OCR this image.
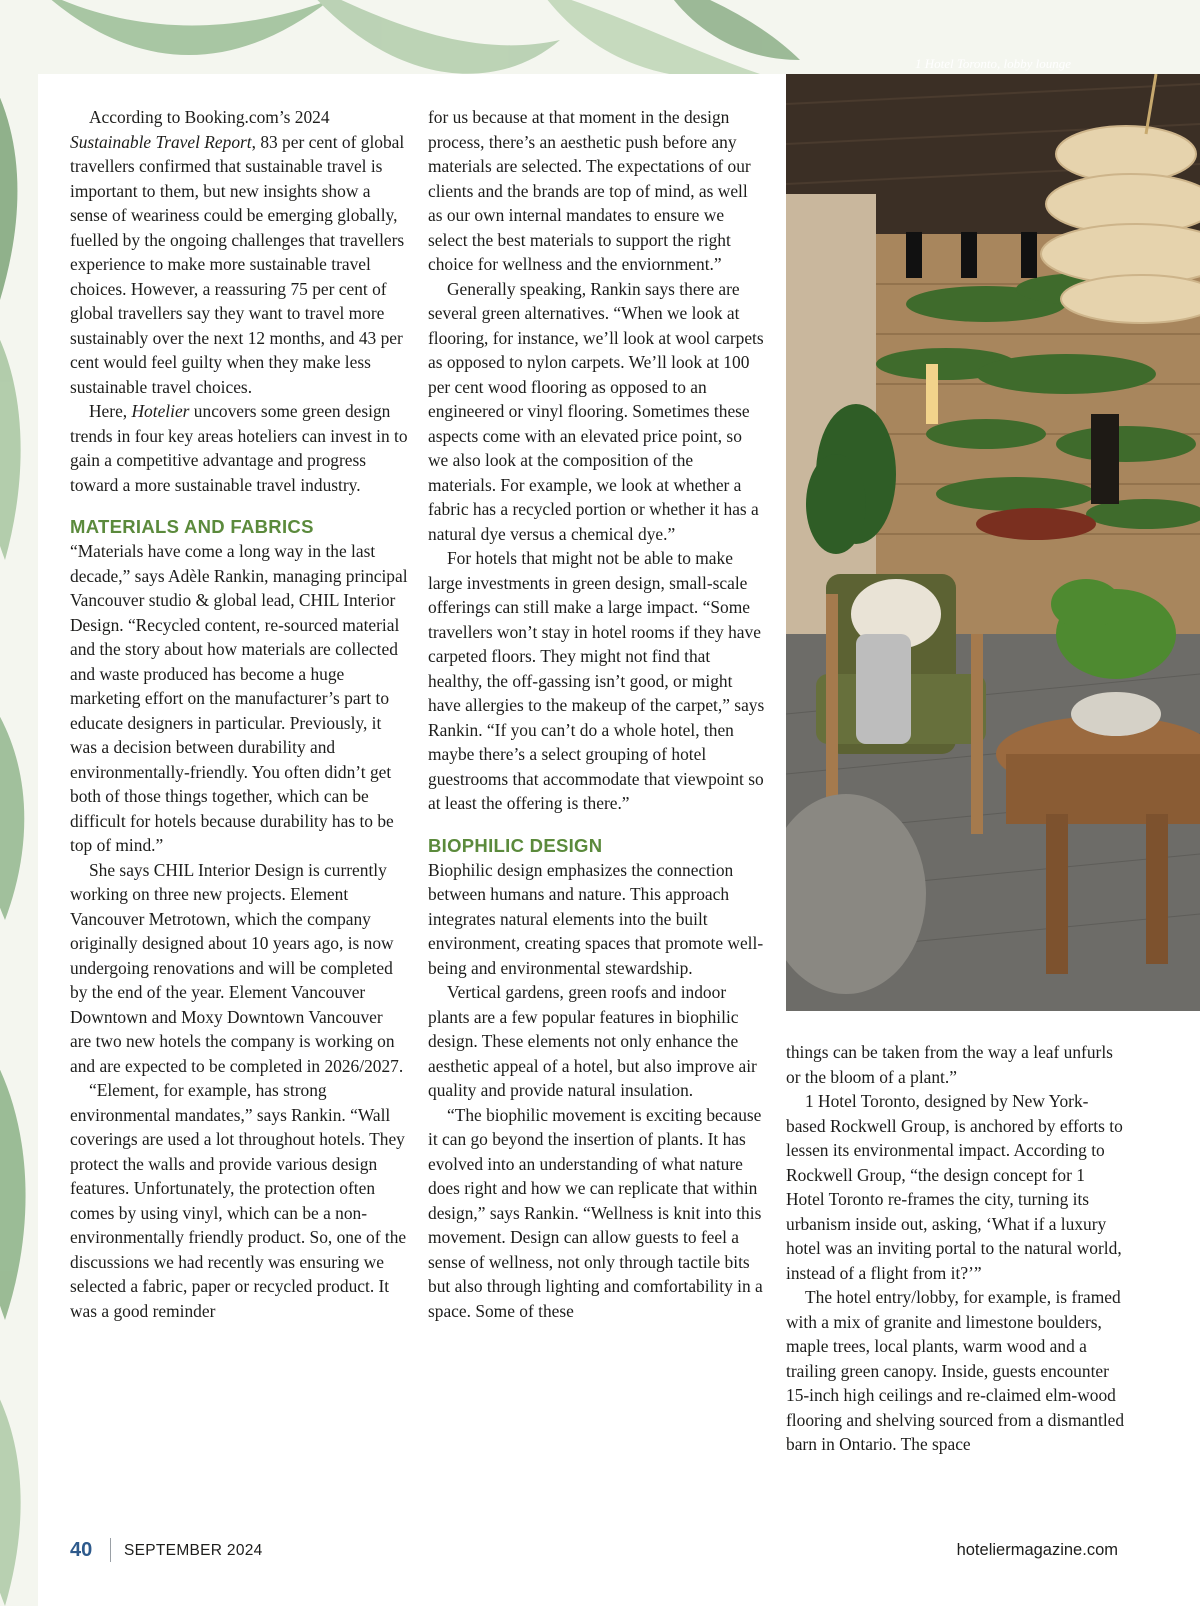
1 Hotel Toronto, lobby lounge

According to Booking.com’s 2024 Sustainable Travel Report, 83 per cent of global travellers confirmed that sustainable travel is important to them, but new insights show a sense of weariness could be emerging globally, fuelled by the ongoing challenges that travellers experience to make more sustainable travel choices. However, a reassuring 75 per cent of global travellers say they want to travel more sustainably over the next 12 months, and 43 per cent would feel guilty when they make less sustainable travel choices.

Here, Hotelier uncovers some green design trends in four key areas hoteliers can invest in to gain a competitive advantage and progress toward a more sustainable travel industry.

MATERIALS AND FABRICS

“Materials have come a long way in the last decade,” says Adèle Rankin, managing principal Vancouver studio & global lead, CHIL Interior Design. “Recycled content, re-sourced material and the story about how materials are collected and waste produced has become a huge marketing effort on the manufacturer’s part to educate designers in particular. Previously, it was a decision between durability and environmentally-friendly. You often didn’t get both of those things together, which can be difficult for hotels because durability has to be top of mind.”

She says CHIL Interior Design is currently working on three new projects. Element Vancouver Metrotown, which the company originally designed about 10 years ago, is now undergoing renovations and will be completed by the end of the year. Element Vancouver Downtown and Moxy Downtown Vancouver are two new hotels the company is working on and are expected to be completed in 2026/2027.

“Element, for example, has strong environmental mandates,” says Rankin. “Wall coverings are used a lot throughout hotels. They protect the walls and provide various design features. Unfortunately, the protection often comes by using vinyl, which can be a non-environmentally friendly product. So, one of the discussions we had recently was ensuring we selected a fabric, paper or recycled product. It was a good reminder

for us because at that moment in the design process, there’s an aesthetic push before any materials are selected. The expectations of our clients and the brands are top of mind, as well as our own internal mandates to ensure we select the best materials to support the right choice for wellness and the enviornment.”

Generally speaking, Rankin says there are several green alternatives. “When we look at flooring, for instance, we’ll look at wool carpets as opposed to nylon carpets. We’ll look at 100 per cent wood flooring as opposed to an engineered or vinyl flooring. Sometimes these aspects come with an elevated price point, so we also look at the composition of the materials. For example, we look at whether a fabric has a recycled portion or whether it has a natural dye versus a chemical dye.”

For hotels that might not be able to make large investments in green design, small-scale offerings can still make a large impact. “Some travellers won’t stay in hotel rooms if they have carpeted floors. They might not find that healthy, the off-gassing isn’t good, or might have allergies to the makeup of the carpet,” says Rankin. “If you can’t do a whole hotel, then maybe there’s a select grouping of hotel guestrooms that accommodate that viewpoint so at least the offering is there.”

BIOPHILIC DESIGN

Biophilic design emphasizes the connection between humans and nature. This approach integrates natural elements into the built environment, creating spaces that promote well-being and environmental stewardship.

Vertical gardens, green roofs and indoor plants are a few popular features in biophilic design. These elements not only enhance the aesthetic appeal of a hotel, but also improve air quality and provide natural insulation.

“The biophilic movement is exciting because it can go beyond the insertion of plants. It has evolved into an understanding of what nature does right and how we can replicate that within design,” says Rankin. “Wellness is knit into this movement. Design can allow guests to feel a sense of wellness, not only through tactile bits but also through lighting and comfortability in a space. Some of these

things can be taken from the way a leaf unfurls or the bloom of a plant.”

1 Hotel Toronto, designed by New York-based Rockwell Group, is anchored by efforts to lessen its environmental impact. According to Rockwell Group, “the design concept for 1 Hotel Toronto re-frames the city, turning its urbanism inside out, asking, ‘What if a luxury hotel was an inviting portal to the natural world, instead of a flight from it?’”

The hotel entry/lobby, for example, is framed with a mix of granite and limestone boulders, maple trees, local plants, warm wood and a trailing green canopy. Inside, guests encounter 15-inch high ceilings and re-claimed elm-wood flooring and shelving sourced from a dismantled barn in Ontario. The space

40 SEPTEMBER 2024	hoteliermagazine.com
